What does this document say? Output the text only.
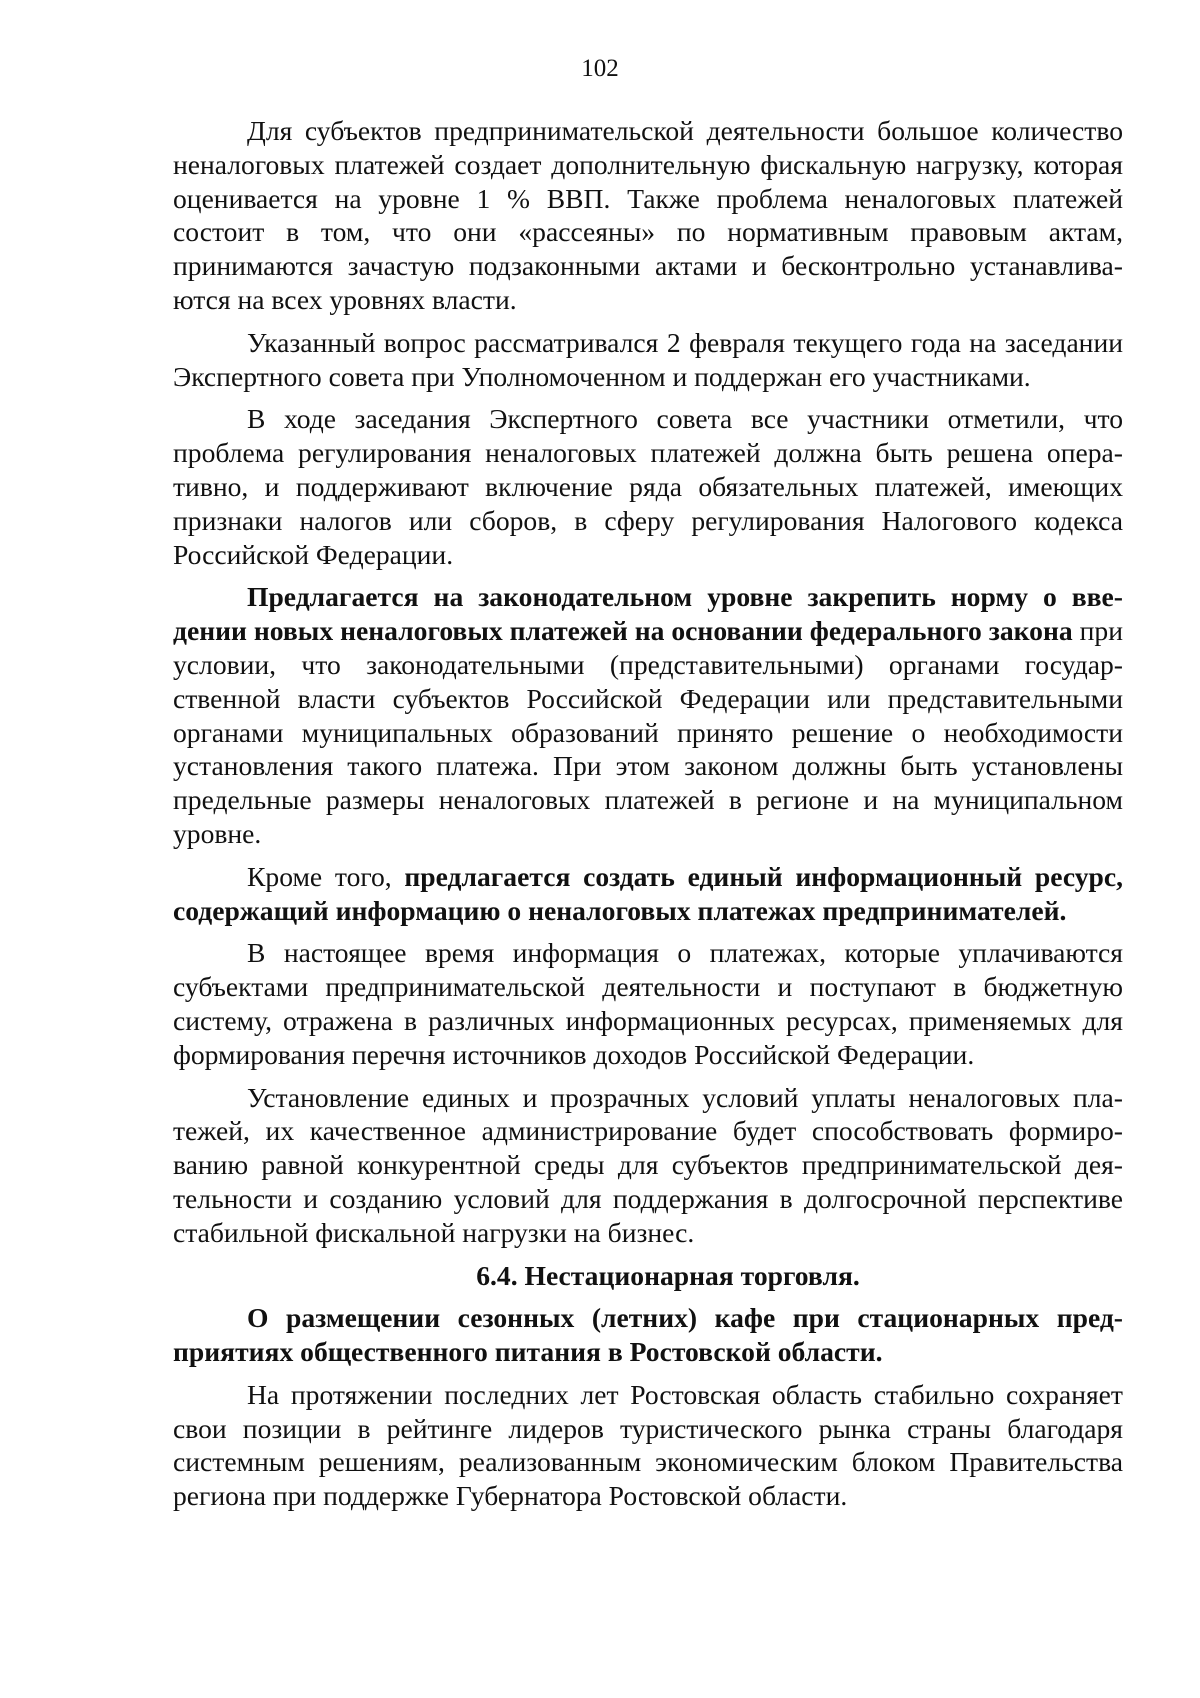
102

Для субъектов предпринимательской деятельности большое количество неналоговых платежей создает дополнительную фискальную нагрузку, которая оценивается на уровне 1 % ВВП. Также проблема неналоговых платежей состоит в том, что они «рассеяны» по нормативным правовым актам, принимаются зачастую подзаконными актами и бесконтрольно устанавливаются на всех уровнях власти.

Указанный вопрос рассматривался 2 февраля текущего года на заседании Экспертного совета при Уполномоченном и поддержан его участниками.

В ходе заседания Экспертного совета все участники отметили, что проблема регулирования неналоговых платежей должна быть решена оперативно, и поддерживают включение ряда обязательных платежей, имеющих признаки налогов или сборов, в сферу регулирования Налогового кодекса Российской Федерации.

Предлагается на законодательном уровне закрепить норму о введении новых неналоговых платежей на основании федерального закона при условии, что законодательными (представительными) органами государственной власти субъектов Российской Федерации или представительными органами муниципальных образований принято решение о необходимости установления такого платежа. При этом законом должны быть установлены предельные размеры неналоговых платежей в регионе и на муниципальном уровне.

Кроме того, предлагается создать единый информационный ресурс, содержащий информацию о неналоговых платежах предпринимателей.

В настоящее время информация о платежах, которые уплачиваются субъектами предпринимательской деятельности и поступают в бюджетную систему, отражена в различных информационных ресурсах, применяемых для формирования перечня источников доходов Российской Федерации.

Установление единых и прозрачных условий уплаты неналоговых платежей, их качественное администрирование будет способствовать формированию равной конкурентной среды для субъектов предпринимательской деятельности и созданию условий для поддержания в долгосрочной перспективе стабильной фискальной нагрузки на бизнес.

6.4. Нестационарная торговля.

О размещении сезонных (летних) кафе при стационарных предприятиях общественного питания в Ростовской области.

На протяжении последних лет Ростовская область стабильно сохраняет свои позиции в рейтинге лидеров туристического рынка страны благодаря системным решениям, реализованным экономическим блоком Правительства региона при поддержке Губернатора Ростовской области.
